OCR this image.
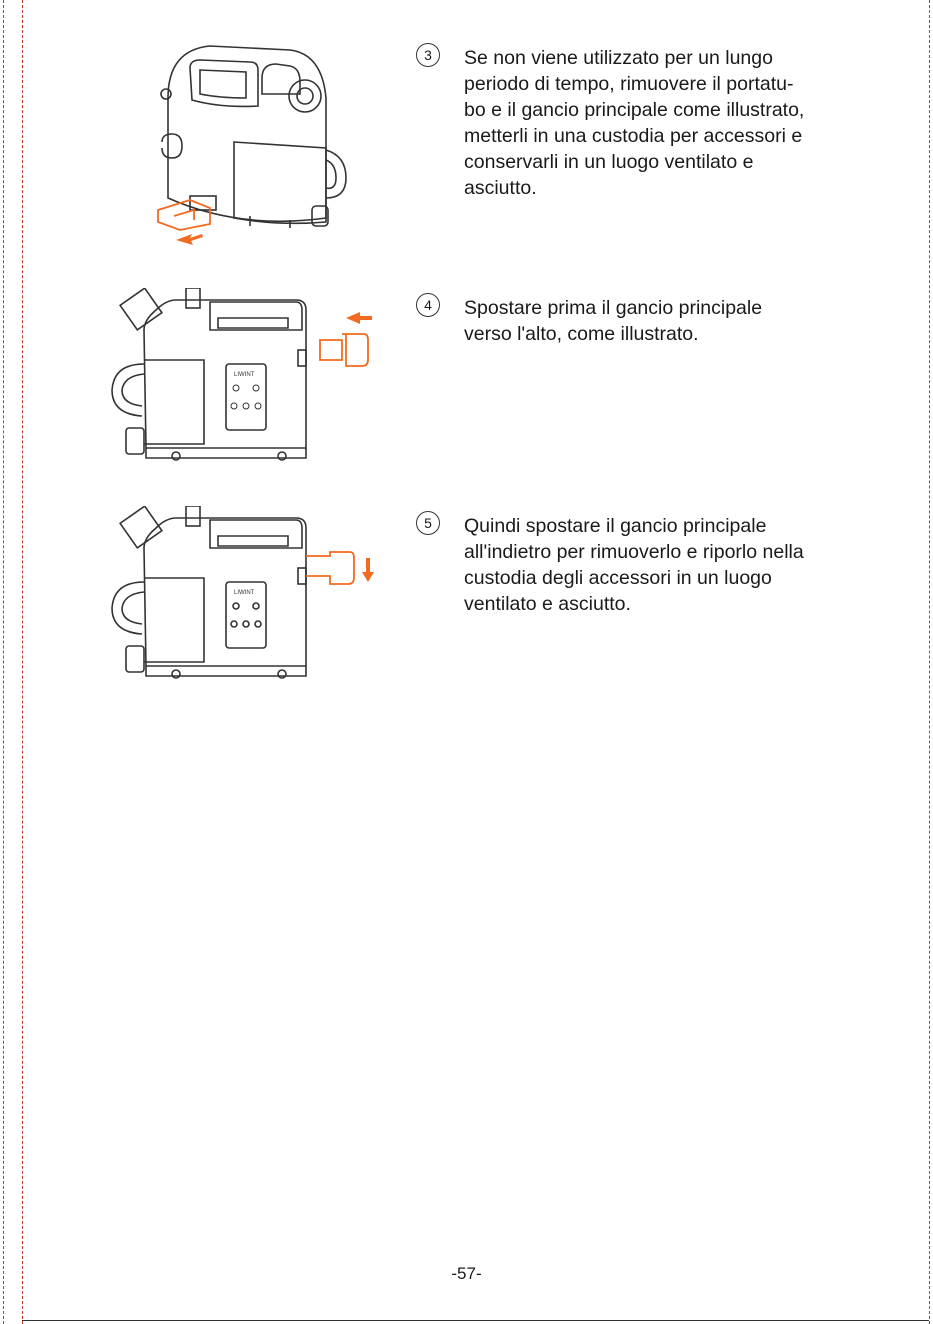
LIWINT
LIWINT
3	Se non viene utilizzato per un lungo
periodo di tempo, rimuovere il portatu-
bo e il gancio principale come illustrato,
metterli in una custodia per accessori e
conservarli in un luogo ventilato e
asciutto.
4	Spostare prima il gancio principale
verso l'alto, come illustrato.
5	Quindi spostare il gancio principale
all'indietro per rimuoverlo e riporlo nella
custodia degli accessori in un luogo
ventilato e asciutto.
-57-
